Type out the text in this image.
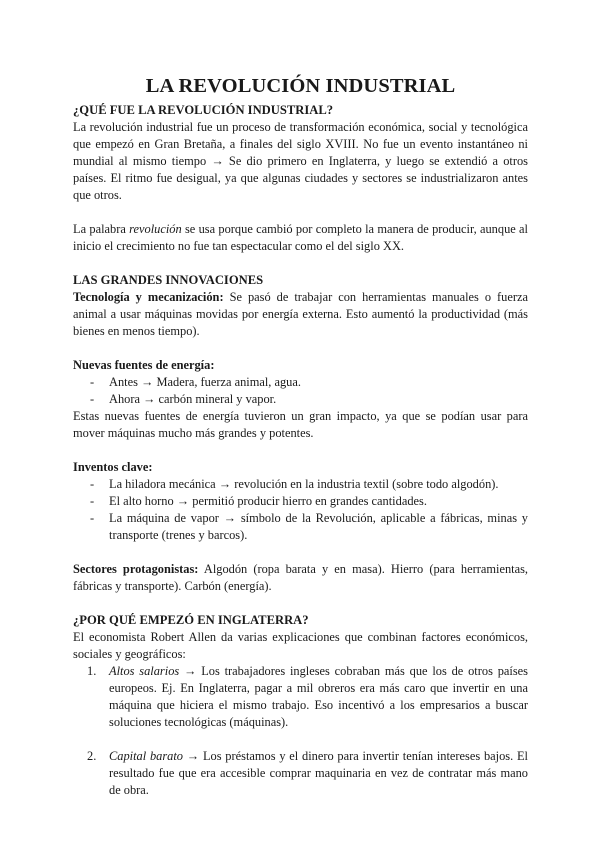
LA REVOLUCIÓN INDUSTRIAL
¿QUÉ FUE LA REVOLUCIÓN INDUSTRIAL?

La revolución industrial fue un proceso de transformación económica, social y tecnológica que empezó en Gran Bretaña, a finales del siglo XVIII. No fue un evento instantáneo ni mundial al mismo tiempo → Se dio primero en Inglaterra, y luego se extendió a otros países. El ritmo fue desigual, ya que algunas ciudades y sectores se industrializaron antes que otros.

La palabra revolución se usa porque cambió por completo la manera de producir, aunque al inicio el crecimiento no fue tan espectacular como el del siglo XX.

LAS GRANDES INNOVACIONES

Tecnología y mecanización: Se pasó de trabajar con herramientas manuales o fuerza animal a usar máquinas movidas por energía externa. Esto aumentó la productividad (más bienes en menos tiempo).

Nuevas fuentes de energía:
- Antes → Madera, fuerza animal, agua.
- Ahora → carbón mineral y vapor.

Estas nuevas fuentes de energía tuvieron un gran impacto, ya que se podían usar para mover máquinas mucho más grandes y potentes.

Inventos clave:
- La hiladora mecánica → revolución en la industria textil (sobre todo algodón).
- El alto horno → permitió producir hierro en grandes cantidades.
- La máquina de vapor → símbolo de la Revolución, aplicable a fábricas, minas y transporte (trenes y barcos).

Sectores protagonistas: Algodón (ropa barata y en masa). Hierro (para herramientas, fábricas y transporte). Carbón (energía).

¿POR QUÉ EMPEZÓ EN INGLATERRA?

El economista Robert Allen da varias explicaciones que combinan factores económicos, sociales y geográficos:

1. Altos salarios → Los trabajadores ingleses cobraban más que los de otros países europeos. Ej. En Inglaterra, pagar a mil obreros era más caro que invertir en una máquina que hiciera el mismo trabajo. Eso incentivó a los empresarios a buscar soluciones tecnológicas (máquinas).
2. Capital barato → Los préstamos y el dinero para invertir tenían intereses bajos. El resultado fue que era accesible comprar maquinaria en vez de contratar más mano de obra.
